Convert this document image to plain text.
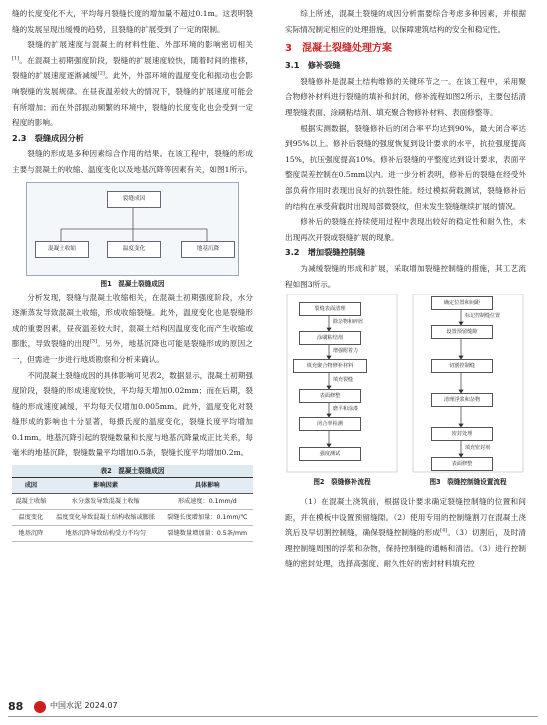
缝的长度变化不大，平均每月裂缝长度的增加量不超过0.1m。这表明裂缝的发展呈现出缓慢的趋势，且裂缝的扩展受到了一定的限制。

裂缝的扩展速度与混凝土的材料性能、外部环境的影响密切相关[1]。在混凝土初期强度阶段，裂缝的扩展速度较快，随着时间的推移，裂缝的扩展速度逐渐减缓[2]。此外，外部环境的温度变化和振动也会影响裂缝的发展规律。在昼夜温差较大的情况下，裂缝的扩展速度可能会有所增加；而在外部振动频繁的环境中，裂缝的长度变化也会受到一定程度的影响。

2.3　裂缝成因分析

裂缝的形成是多种因素综合作用的结果。在该工程中，裂缝的形成主要与混凝土的收缩、温度变化以及地基沉降等因素有关，如图1所示。

裂缝成因
混凝土收缩	温度变化	地基沉降
图1　混凝土裂缝成因

分析发现，裂缝与混凝土收缩相关，在混凝土初期强度阶段，水分逐渐蒸发导致混凝土收缩，形成收缩裂缝。此外，温度变化也是裂缝形成的重要因素，昼夜温差较大时，混凝土结构因温度变化而产生收缩或膨胀，导致裂缝的出现[3]。另外，地基沉降也可能是裂缝形成的原因之一，但需进一步进行地质勘察和分析来确认。

不同混凝土裂缝成因的具体影响可见表2，数据显示，混凝土初期强度阶段，裂缝的形成速度较快，平均每天增加0.02mm；而在后期，裂缝的形成速度减缓，平均每天仅增加0.005mm。此外，温度变化对裂缝形成的影响也十分显著，每摄氏度的温度变化，裂缝长度平均增加0.1mm。地基沉降引起的裂缝数量和长度与地基沉降量成正比关系，每毫米的地基沉降，裂缝数量平均增加0.5条，裂缝长度平均增加0.2m。

表2　混凝土裂缝成因
成因	影响因素	具体影响
混凝土收缩	水分蒸发导致混凝土收缩	形成速度：0.1mm/d
温度变化	温度变化导致混凝土结构收缩或膨胀	裂缝长度增加量：0.1mm/℃
地基沉降	地基沉降导致结构受力不均匀	裂缝数量增加量：0.5条/mm

综上所述，混凝土裂缝的成因分析需要综合考虑多种因素，并根据实际情况制定相应的处理措施，以保障建筑结构的安全和稳定性。

3　混凝土裂缝处理方案
3.1　修补裂缝

裂缝修补是混凝土结构维修的关键环节之一。在该工程中，采用聚合物修补材料进行裂缝的填补和封闭，修补流程如图2所示，主要包括清理裂缝表面、涂刷粘结剂、填充聚合物修补材料、表面修整等。

根据实测数据，裂缝修补后的闭合率平均达到90%，最大闭合率达到95%以上。修补后裂缝的强度恢复到设计要求的水平，抗拉强度提高15%，抗压强度提高10%。修补后裂缝的平整度达到设计要求，表面平整度误差控制在0.5mm以内。进一步分析表明，修补后的裂缝在经受外部负荷作用时表现出良好的抗裂性能。经过模拟荷载测试，裂缝修补后的结构在承受荷载时出现局部微裂纹，但未发生裂缝继续扩展的情况。

修补后的裂缝在持续使用过程中表现出较好的稳定性和耐久性，未出现再次开裂或裂缝扩展的现象。

3.2　增加裂缝控制缝

为减缓裂缝的形成和扩展，采取增加裂缝控制缝的措施，其工艺流程如图3所示。

裂缝表面清理
除杂物和碎屑
涂刷粘结剂
增强附着力
填充聚合物修补材料
填充裂缝
表面修整
磨平和涂漆
闭合率检测
强度测试
确定位置和间距
标记控制缝位置
设置预留缝隙
切割控制缝
清理浮浆和杂物
密封处理
填充密封剂
表面修整
图2　裂缝修补流程	图3　裂缝控制缝设置流程

（1）在混凝土浇筑前，根据设计要求确定裂缝控制缝的位置和间距，并在模板中设置预留缝隙。（2）使用专用的控制缝割刀在混凝土浇筑后及早切割控制缝，确保裂缝控制缝的形成[4]。（3）切割后，及时清理控制缝周围的浮浆和杂物，保持控制缝的通畅和清洁。（3）进行控制缝的密封处理，选择高强度、耐久性好的密封材料填充控

88	中国水泥 2024.07
